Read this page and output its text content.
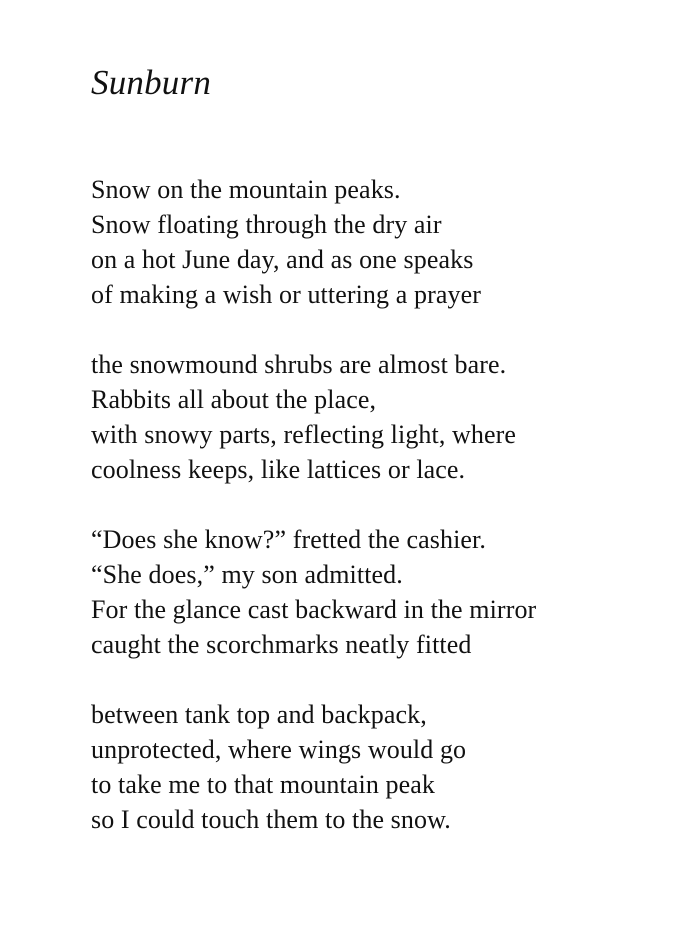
Sunburn
Snow on the mountain peaks.
Snow floating through the dry air
on a hot June day, and as one speaks
of making a wish or uttering a prayer
the snowmound shrubs are almost bare.
Rabbits all about the place,
with snowy parts, reflecting light, where
coolness keeps, like lattices or lace.
“Does she know?” fretted the cashier.
“She does,” my son admitted.
For the glance cast backward in the mirror
caught the scorchmarks neatly fitted
between tank top and backpack,
unprotected, where wings would go
to take me to that mountain peak
so I could touch them to the snow.
